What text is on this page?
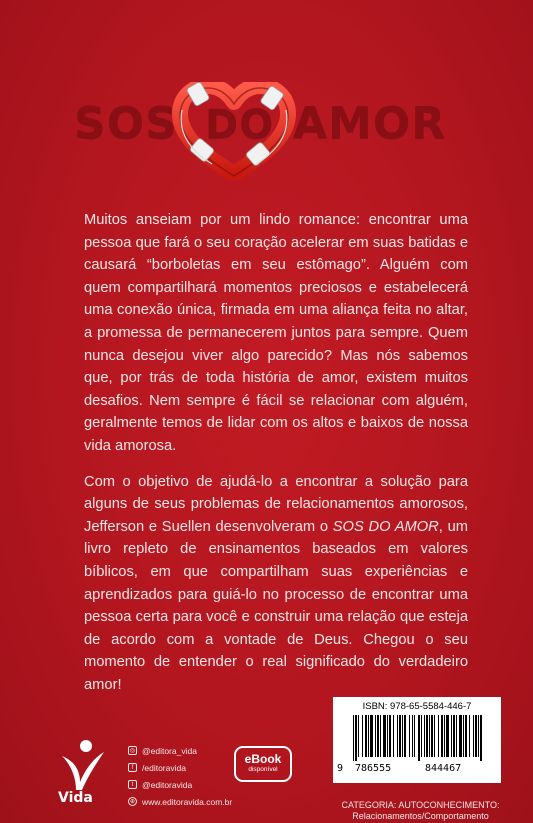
SOS DO AMOR

Muitos anseiam por um lindo romance: encontrar uma pessoa que fará o seu coração acelerar em suas batidas e causará “borboletas em seu estômago”. Alguém com quem compartilhará momentos preciosos e estabelecerá uma conexão única, firmada em uma aliança feita no altar, a promessa de permanecerem juntos para sempre. Quem nunca desejou viver algo parecido? Mas nós sabemos que, por trás de toda história de amor, existem muitos desafios. Nem sempre é fácil se relacionar com alguém, geralmente temos de lidar com os altos e baixos de nossa vida amorosa.

Com o objetivo de ajudá-lo a encontrar a solução para alguns de seus problemas de relacionamentos amorosos, Jefferson e Suellen desenvolveram o SOS DO AMOR, um livro repleto de ensinamentos baseados em valores bíblicos, em que compartilham suas experiências e aprendizados para guiá-lo no processo de encontrar uma pessoa certa para você e construir uma relação que esteja de acordo com a vontade de Deus. Chegou o seu momento de entender o real significado do verdadeiro amor!

Vida
◎ @editora_vida
f	/editoravida
t	@editoravida
⊕ www.editoravida.com.br
eBook
disponível
ISBN: 978-65-5584-446-7
9 786555	844467
CATEGORIA: AUTOCONHECIMENTO:
Relacionamentos/Comportamento
